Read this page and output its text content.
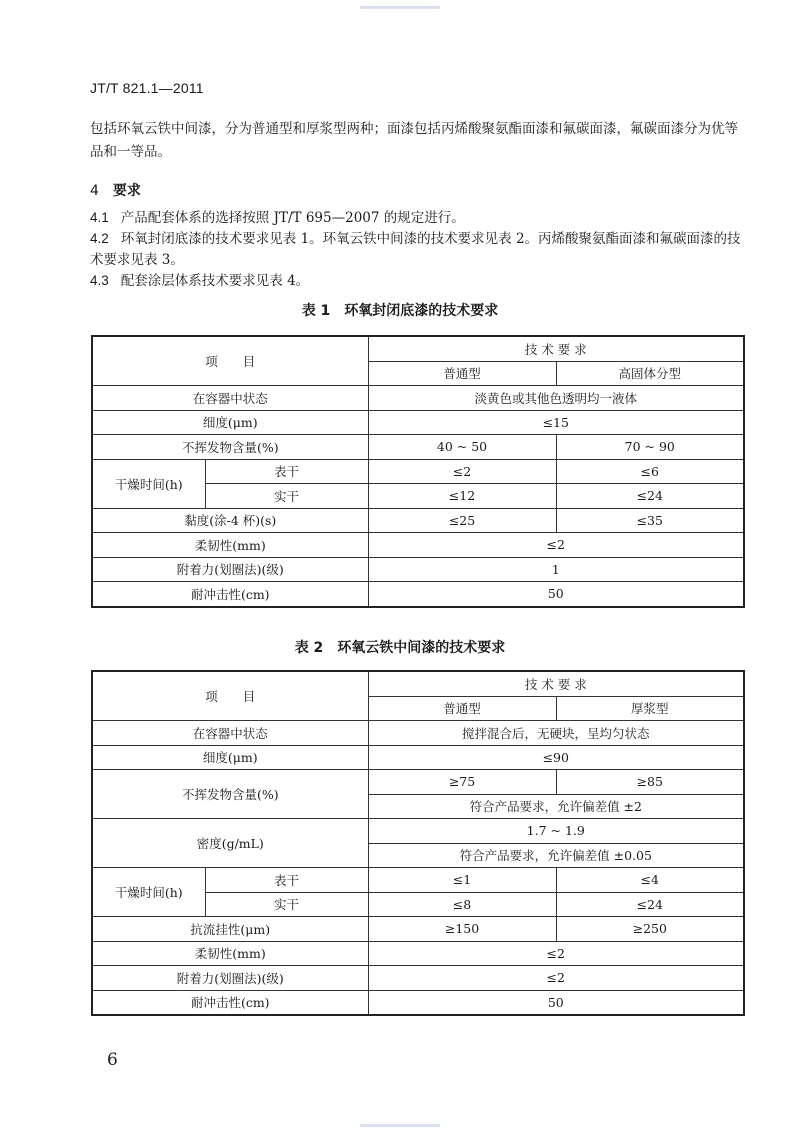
JT/T 821.1—2011
包括环氧云铁中间漆，分为普通型和厚浆型两种；面漆包括丙烯酸聚氨酯面漆和氟碳面漆，氟碳面漆分为优等品和一等品。
4 要求
4.1 产品配套体系的选择按照 JT/T 695—2007 的规定进行。
4.2 环氧封闭底漆的技术要求见表 1。环氧云铁中间漆的技术要求见表 2。丙烯酸聚氨酯面漆和氟碳面漆的技术要求见表 3。
4.3 配套涂层体系技术要求见表 4。
表 1 环氧封闭底漆的技术要求
项　　目		技 术 要 求	
		普通型	高固体分型
在容器中状态		淡黄色或其他色透明均一液体	
细度(μm)		≤15	
不挥发物含量(%)		40 ~ 50	70 ~ 90
干燥时间(h)	表干	≤2	≤6
	实干	≤12	≤24
黏度(涂-4 杯)(s)		≤25	≤35
柔韧性(mm)		≤2	
附着力(划圈法)(级)		1	
耐冲击性(cm)		50	
表 2 环氧云铁中间漆的技术要求
项　　目		技 术 要 求	
		普通型	厚浆型
在容器中状态		搅拌混合后，无硬块，呈均匀状态	
细度(μm)		≤90	
不挥发物含量(%)		≥75	≥85
		符合产品要求，允许偏差值 ±2	
密度(g/mL)		1.7 ~ 1.9	
		符合产品要求，允许偏差值 ±0.05	
干燥时间(h)	表干	≤1	≤4
	实干	≤8	≤24
抗流挂性(μm)		≥150	≥250
柔韧性(mm)		≤2	
附着力(划圈法)(级)		≤2	
耐冲击性(cm)		50	
6
